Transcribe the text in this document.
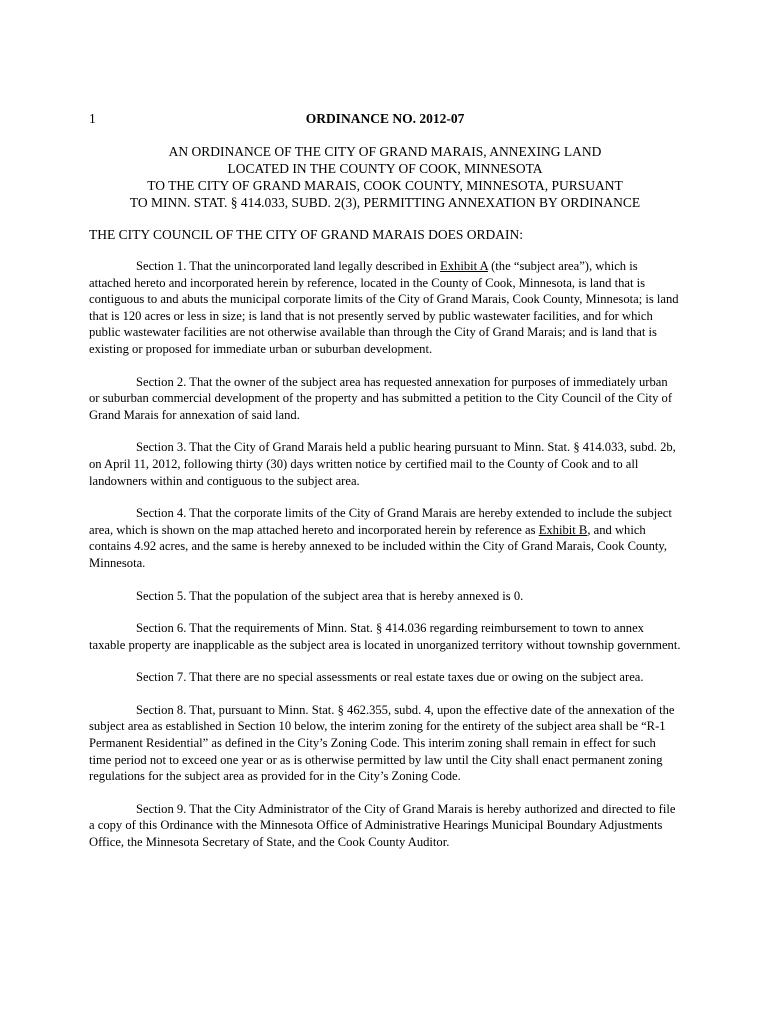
1	ORDINANCE NO. 2012-07
AN ORDINANCE OF THE CITY OF GRAND MARAIS, ANNEXING LAND
LOCATED IN THE COUNTY OF COOK, MINNESOTA
TO THE CITY OF GRAND MARAIS, COOK COUNTY, MINNESOTA, PURSUANT
TO MINN. STAT. § 414.033, SUBD. 2(3), PERMITTING ANNEXATION BY ORDINANCE
THE CITY COUNCIL OF THE CITY OF GRAND MARAIS DOES ORDAIN:

Section 1. That the unincorporated land legally described in Exhibit A (the “subject area”), which is attached hereto and incorporated herein by reference, located in the County of Cook, Minnesota, is land that is contiguous to and abuts the municipal corporate limits of the City of Grand Marais, Cook County, Minnesota; is land that is 120 acres or less in size; is land that is not presently served by public wastewater facilities, and for which public wastewater facilities are not otherwise available than through the City of Grand Marais; and is land that is existing or proposed for immediate urban or suburban development.

Section 2. That the owner of the subject area has requested annexation for purposes of immediately urban or suburban commercial development of the property and has submitted a petition to the City Council of the City of Grand Marais for annexation of said land.

Section 3. That the City of Grand Marais held a public hearing pursuant to Minn. Stat. § 414.033, subd. 2b, on April 11, 2012, following thirty (30) days written notice by certified mail to the County of Cook and to all landowners within and contiguous to the subject area.

Section 4. That the corporate limits of the City of Grand Marais are hereby extended to include the subject area, which is shown on the map attached hereto and incorporated herein by reference as Exhibit B, and which contains 4.92 acres, and the same is hereby annexed to be included within the City of Grand Marais, Cook County, Minnesota.

Section 5. That the population of the subject area that is hereby annexed is 0.

Section 6. That the requirements of Minn. Stat. § 414.036 regarding reimbursement to town to annex taxable property are inapplicable as the subject area is located in unorganized territory without township government.

Section 7. That there are no special assessments or real estate taxes due or owing on the subject area.

Section 8. That, pursuant to Minn. Stat. § 462.355, subd. 4, upon the effective date of the annexation of the subject area as established in Section 10 below, the interim zoning for the entirety of the subject area shall be “R-1 Permanent Residential” as defined in the City’s Zoning Code. This interim zoning shall remain in effect for such time period not to exceed one year or as is otherwise permitted by law until the City shall enact permanent zoning regulations for the subject area as provided for in the City’s Zoning Code.

Section 9. That the City Administrator of the City of Grand Marais is hereby authorized and directed to file a copy of this Ordinance with the Minnesota Office of Administrative Hearings Municipal Boundary Adjustments Office, the Minnesota Secretary of State, and the Cook County Auditor.
